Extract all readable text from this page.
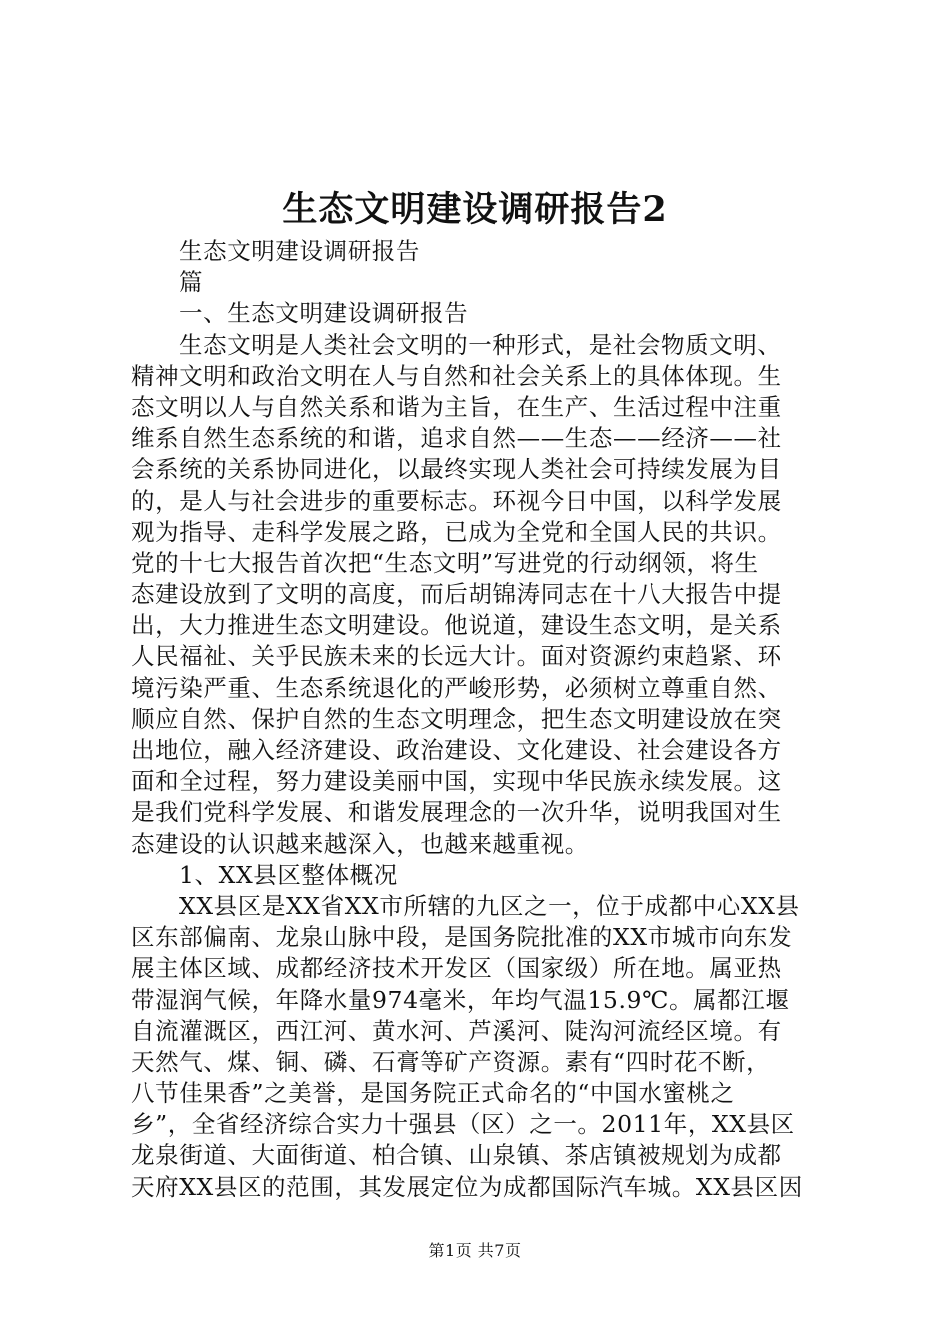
生态文明建设调研报告2

生态文明建设调研报告

篇

一、生态文明建设调研报告

生态文明是人类社会文明的一种形式，是社会物质文明、

精神文明和政治文明在人与自然和社会关系上的具体体现。生

态文明以人与自然关系和谐为主旨，在生产、生活过程中注重

维系自然生态系统的和谐，追求自然——生态——经济——社

会系统的关系协同进化，以最终实现人类社会可持续发展为目

的，是人与社会进步的重要标志。环视今日中国，以科学发展

观为指导、走科学发展之路，已成为全党和全国人民的共识。

党的十七大报告首次把“生态文明”写进党的行动纲领，将生

态建设放到了文明的高度，而后胡锦涛同志在十八大报告中提

出，大力推进生态文明建设。他说道，建设生态文明，是关系

人民福祉、关乎民族未来的长远大计。面对资源约束趋紧、环

境污染严重、生态系统退化的严峻形势，必须树立尊重自然、

顺应自然、保护自然的生态文明理念，把生态文明建设放在突

出地位，融入经济建设、政治建设、文化建设、社会建设各方

面和全过程，努力建设美丽中国，实现中华民族永续发展。这

是我们党科学发展、和谐发展理念的一次升华，说明我国对生

态建设的认识越来越深入，也越来越重视。

1、XX县区整体概况

XX县区是XX省XX市所辖的九区之一，位于成都中心XX县

区东部偏南、龙泉山脉中段，是国务院批准的XX市城市向东发

展主体区域、成都经济技术开发区（国家级）所在地。属亚热

带湿润气候，年降水量974毫米，年均气温15.9℃。属都江堰

自流灌溉区，西江河、黄水河、芦溪河、陡沟河流经区境。有

天然气、煤、铜、磷、石膏等矿产资源。素有“四时花不断，

八节佳果香”之美誉，是国务院正式命名的“中国水蜜桃之

乡”，全省经济综合实力十强县（区）之一。2011年，XX县区

龙泉街道、大面街道、柏合镇、山泉镇、茶店镇被规划为成都

天府XX县区的范围，其发展定位为成都国际汽车城。XX县区因

第1页 共7页
